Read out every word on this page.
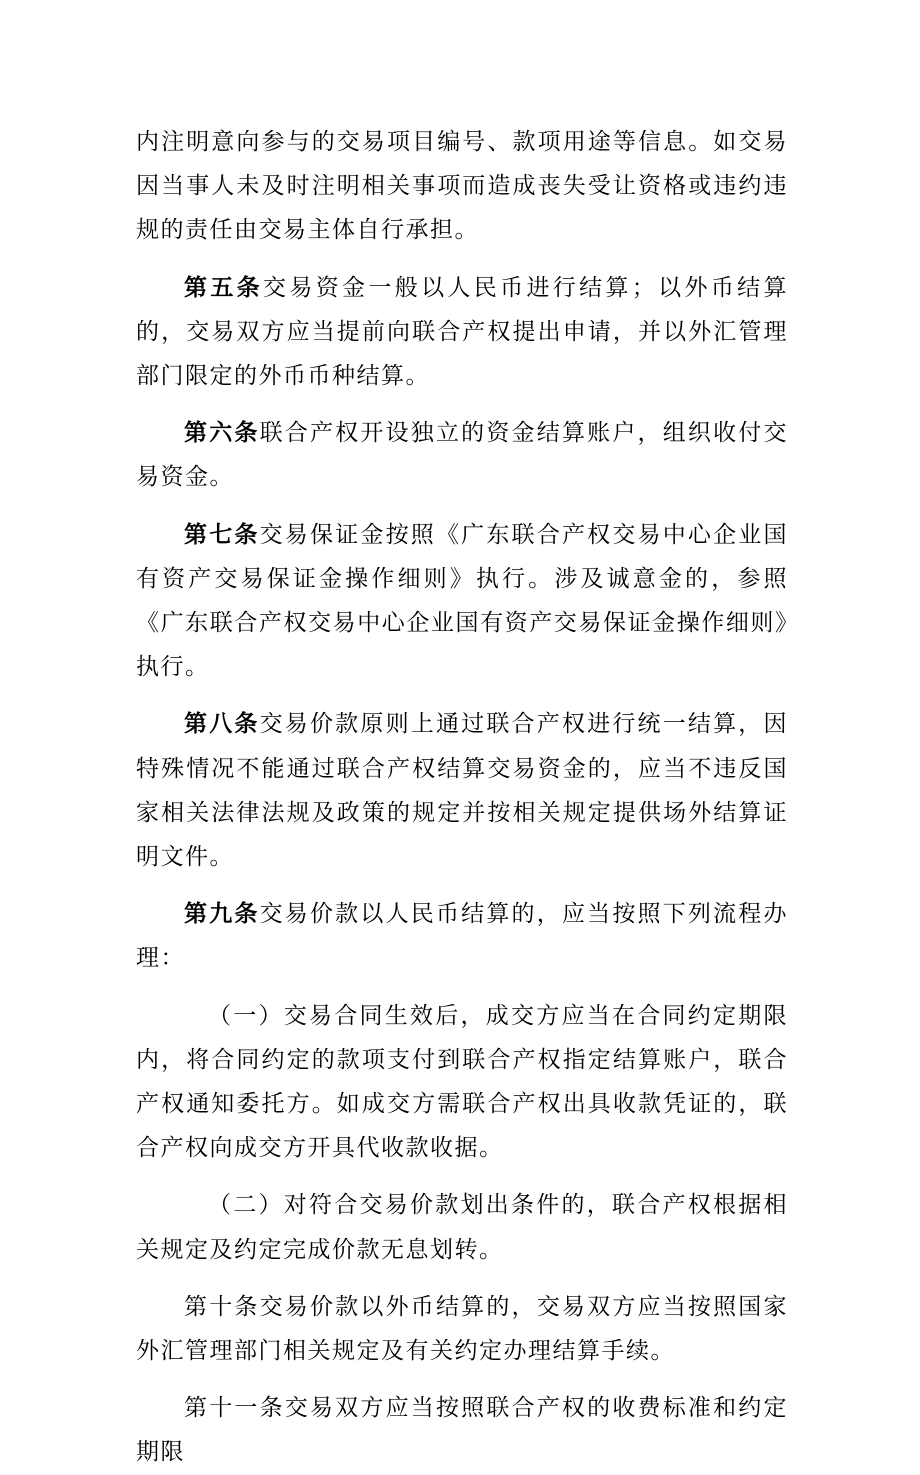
内注明意向参与的交易项目编号、款项用途等信息。如交易因当事人未及时注明相关事项而造成丧失受让资格或违约违规的责任由交易主体自行承担。

第五条交易资金一般以人民币进行结算；以外币结算的，交易双方应当提前向联合产权提出申请，并以外汇管理部门限定的外币币种结算。

第六条联合产权开设独立的资金结算账户，组织收付交易资金。

第七条交易保证金按照《广东联合产权交易中心企业国有资产交易保证金操作细则》执行。涉及诚意金的，参照《广东联合产权交易中心企业国有资产交易保证金操作细则》执行。

第八条交易价款原则上通过联合产权进行统一结算，因特殊情况不能通过联合产权结算交易资金的，应当不违反国家相关法律法规及政策的规定并按相关规定提供场外结算证明文件。

第九条交易价款以人民币结算的，应当按照下列流程办理：

（一）交易合同生效后，成交方应当在合同约定期限内，将合同约定的款项支付到联合产权指定结算账户，联合产权通知委托方。如成交方需联合产权出具收款凭证的，联合产权向成交方开具代收款收据。

（二）对符合交易价款划出条件的，联合产权根据相关规定及约定完成价款无息划转。

第十条交易价款以外币结算的，交易双方应当按照国家外汇管理部门相关规定及有关约定办理结算手续。

第十一条交易双方应当按照联合产权的收费标准和约定期限
